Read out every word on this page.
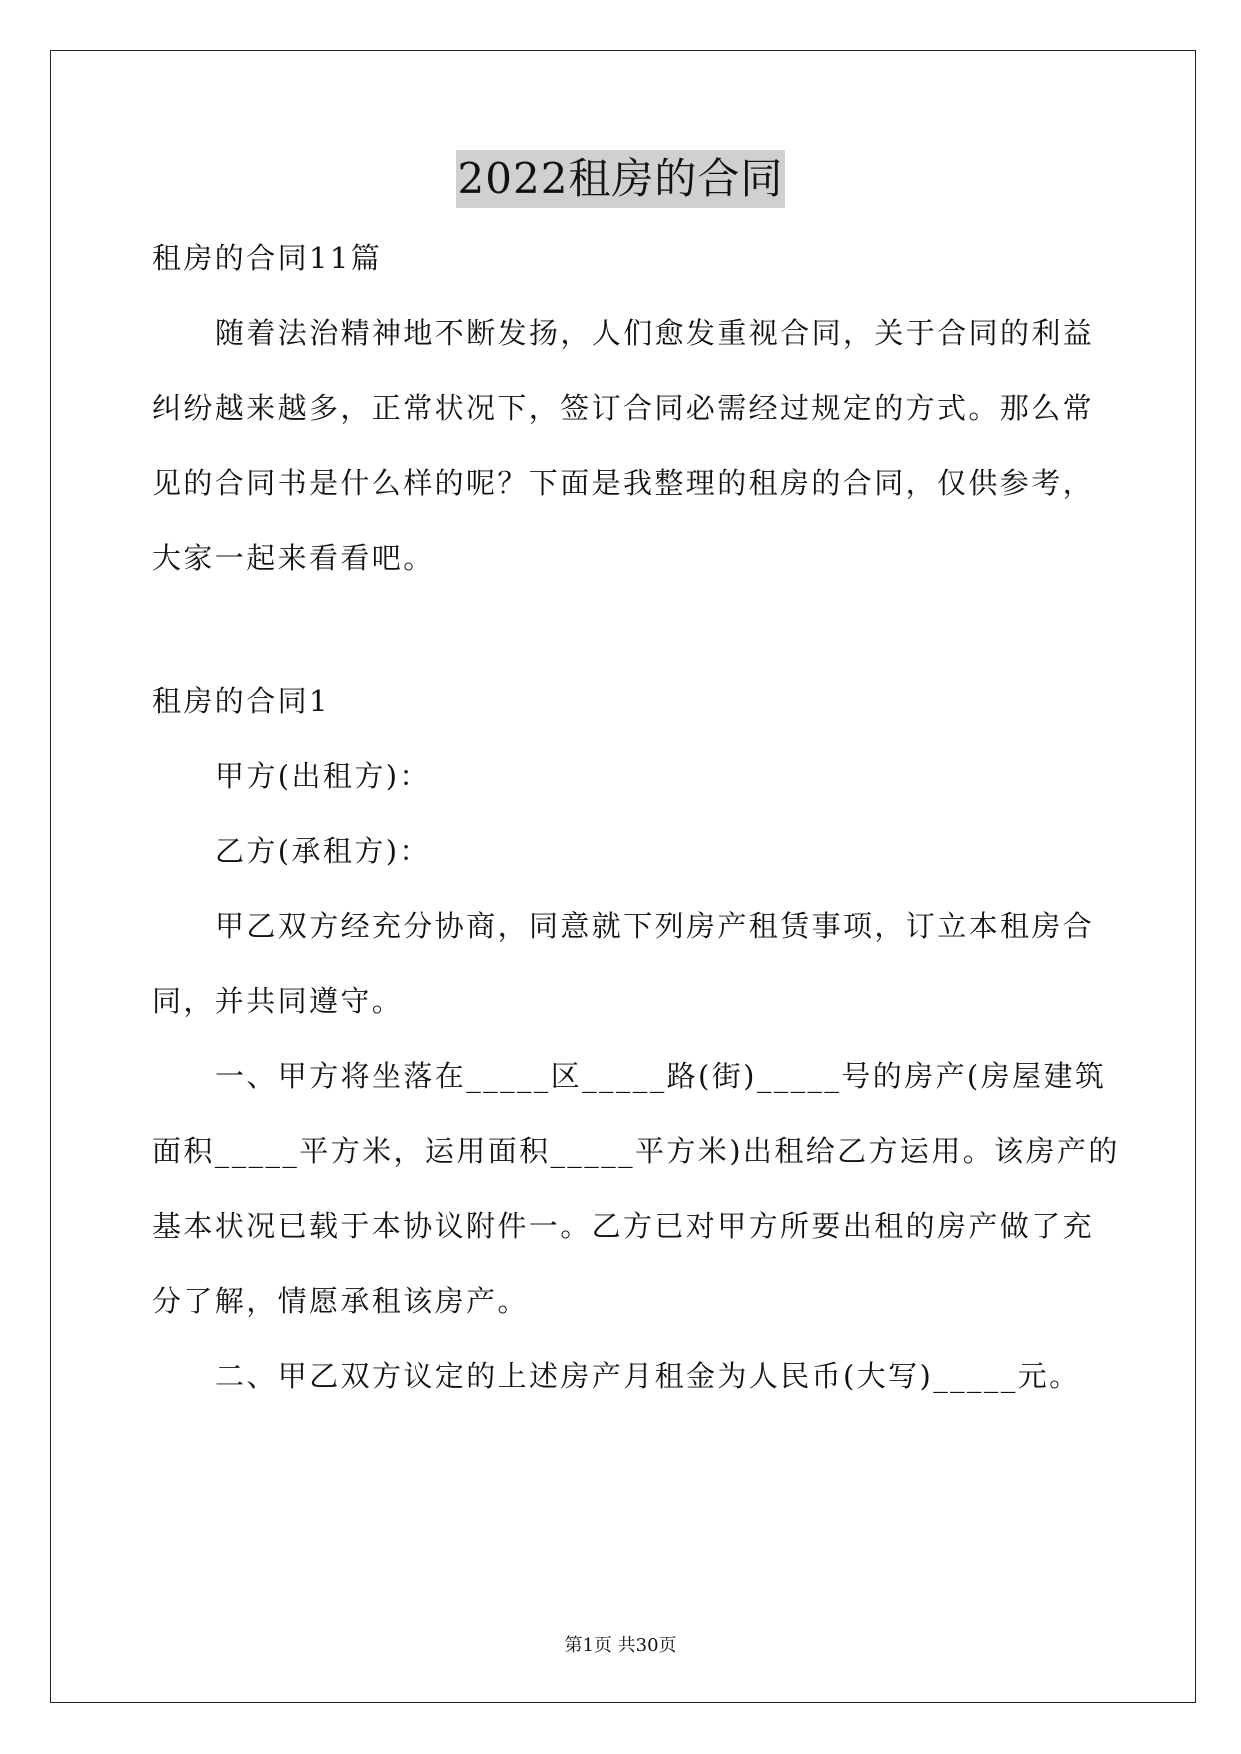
2022租房的合同
租房的合同11篇
随着法治精神地不断发扬，人们愈发重视合同，关于合同的利益
纠纷越来越多，正常状况下，签订合同必需经过规定的方式。那么常
见的合同书是什么样的呢？下面是我整理的租房的合同，仅供参考，
大家一起来看看吧。
租房的合同1
甲方(出租方)：
乙方(承租方)：
甲乙双方经充分协商，同意就下列房产租赁事项，订立本租房合
同，并共同遵守。
一、甲方将坐落在_____区_____路(街)_____号的房产(房屋建筑
面积_____平方米，运用面积_____平方米)出租给乙方运用。该房产的
基本状况已载于本协议附件一。乙方已对甲方所要出租的房产做了充
分了解，情愿承租该房产。
二、甲乙双方议定的上述房产月租金为人民币(大写)_____元。
第1页 共30页
